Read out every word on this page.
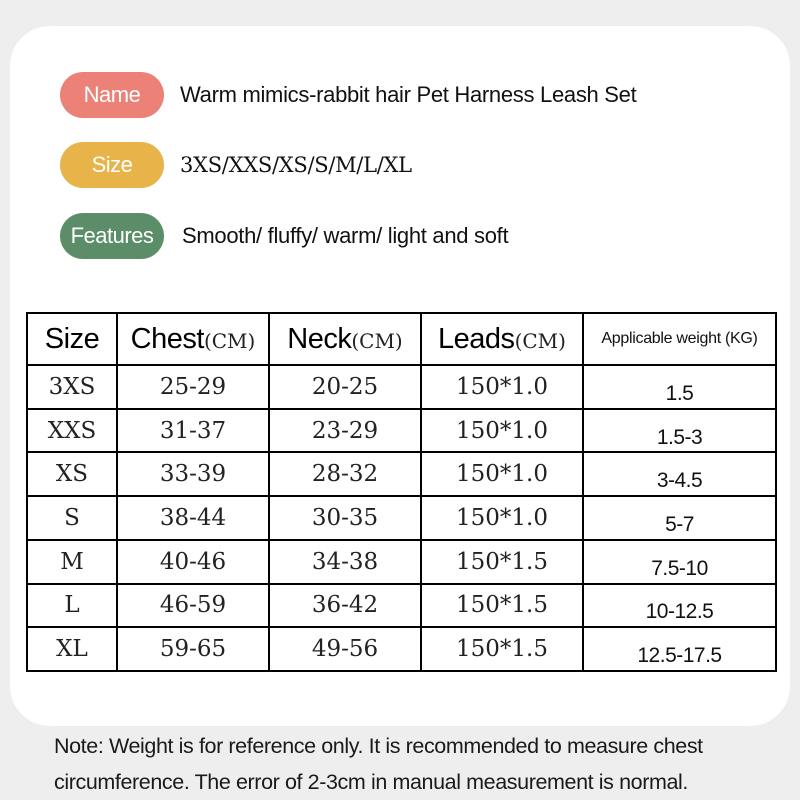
Name	Warm mimics-rabbit hair Pet Harness Leash Set
Size	3XS/XXS/XS/S/M/L/XL
Features	Smooth/ fluffy/ warm/ light and soft
Size	Chest(CM)	Neck(CM)	Leads(CM)	Applicable weight (KG)
3XS	25-29	20-25	150*1.0	1.5
XXS	31-37	23-29	150*1.0	1.5-3
XS	33-39	28-32	150*1.0	3-4.5
S	38-44	30-35	150*1.0	5-7
M	40-46	34-38	150*1.5	7.5-10
L	46-59	36-42	150*1.5	10-12.5
XL	59-65	49-56	150*1.5	12.5-17.5
Note: Weight is for reference only. It is recommended to measure chest circumference. The error of 2-3cm in manual measurement is normal.
